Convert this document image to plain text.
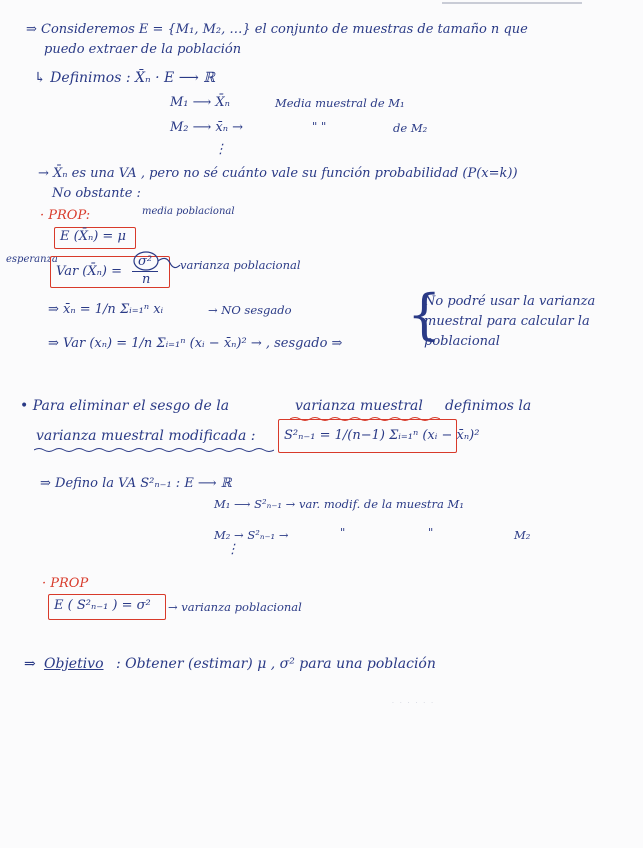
⇒ Consideremos E = {M₁, M₂, …} el conjunto de muestras de tamaño n que
puedo extraer de la población
↳ Definimos : X̄ₙ · E ⟶ ℝ
M₁ ⟶ X̄ₙ	Media muestral de M₁
M₂ ⟶ x̄ₙ →	" "	de M₂
⋮
→ X̄ₙ es una VA , pero no sé cuánto vale su función probabilidad (P(x=k))
No obstante :
· PROP:	media poblacional
esperanza
E (X̄ₙ) = μ
Var (X̄ₙ) =
σ²
n
varianza poblacional
⇒ x̄ₙ = 1/n Σᵢ₌₁ⁿ xᵢ	→ NO sesgado
⇒ Var (xₙ) = 1/n Σᵢ₌₁ⁿ (xᵢ − x̄ₙ)² → , sesgado ⇒ {
No podré usar la varianza
muestral para calcular la
poblacional
• Para eliminar el sesgo de la	varianza muestral definimos la
varianza muestral modificada : S²ₙ₋₁ = 1/(n−1) Σᵢ₌₁ⁿ (xᵢ − x̄ₙ)²
⇒ Defino la VA S²ₙ₋₁ : E ⟶ ℝ
M₁ ⟶ S²ₙ₋₁ → var. modif. de la muestra M₁
M₂ → S²ₙ₋₁ →	"	"	M₂
⋮
· PROP
E ( S²ₙ₋₁ ) = σ² → varianza poblacional
⇒ Objetivo : Obtener (estimar) μ , σ² para una población
· · · · · ·
